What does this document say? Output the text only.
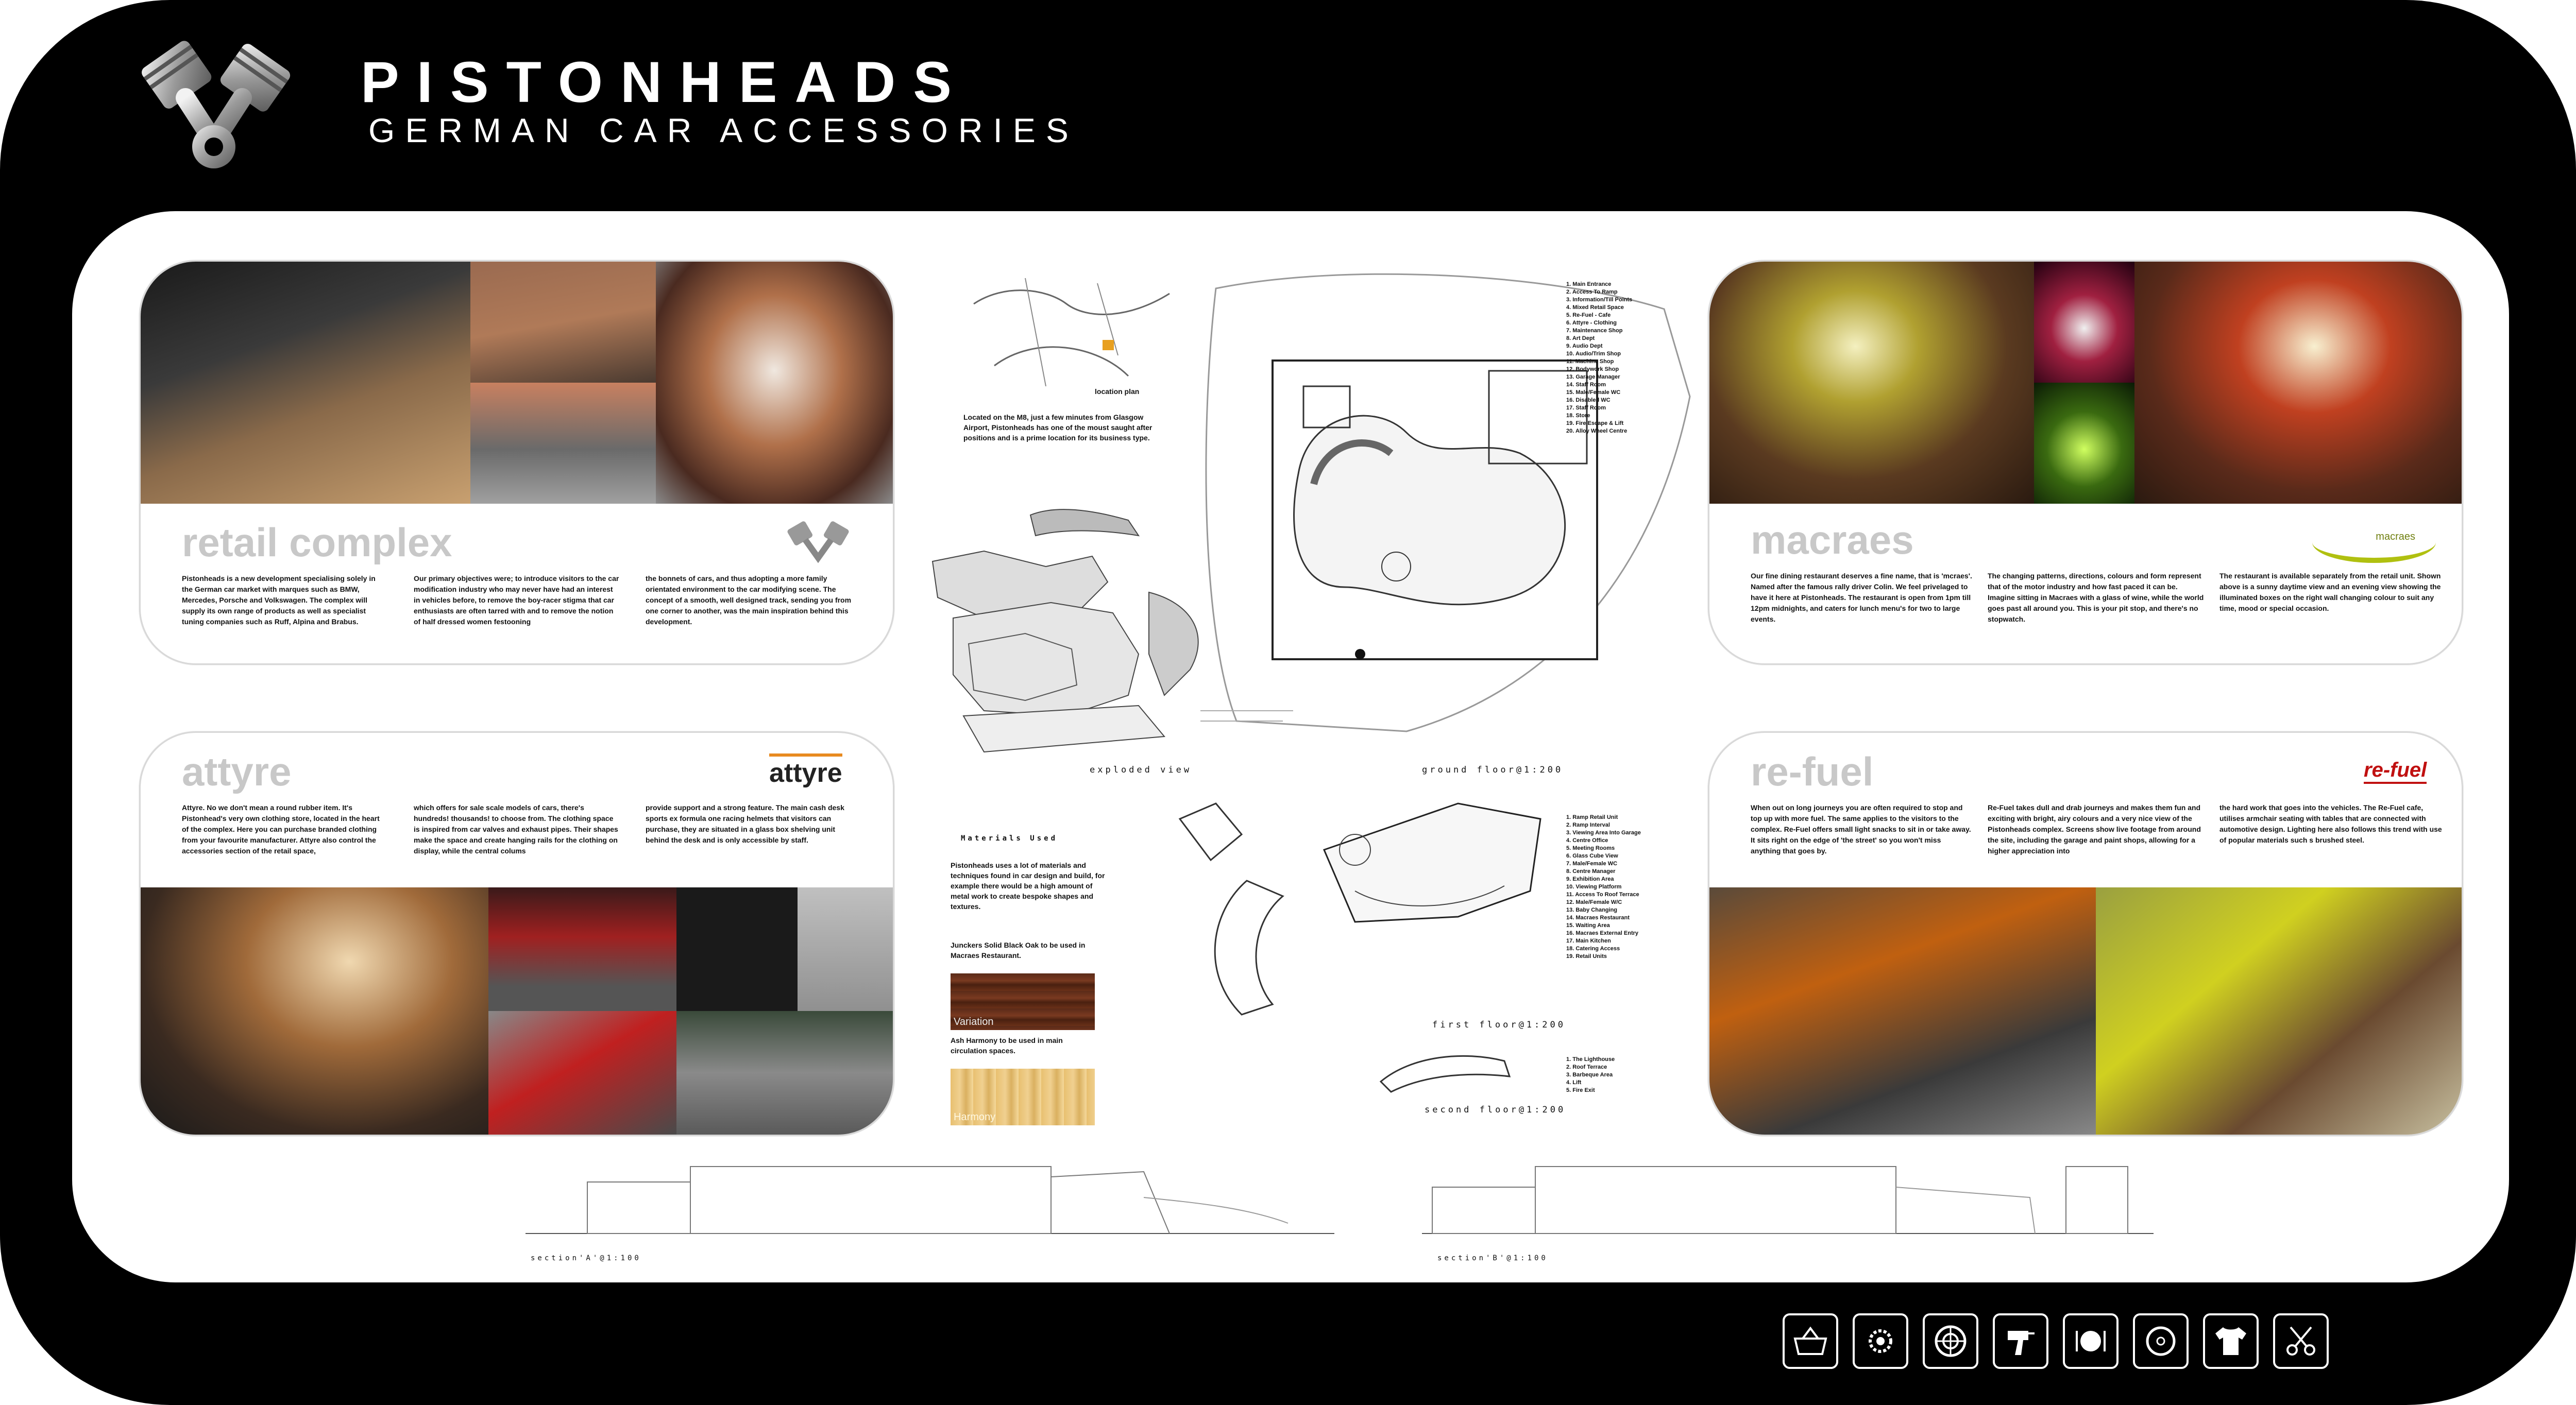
PISTONHEADS
GERMAN CAR ACCESSORIES
retail complex
Pistonheads is a new development specialising solely in the German car market with marques such as BMW, Mercedes, Porsche and Volkswagen. The complex will supply its own range of products as well as specialist tuning companies such as Ruff, Alpina and Brabus.
Our primary objectives were; to introduce visitors to the car modification industry who may never have had an interest in vehicles before, to remove the boy-racer stigma that car enthusiasts are often tarred with and to remove the notion of half dressed women festooning
the bonnets of cars, and thus adopting a more family orientated environment to the car modifying scene. The concept of a smooth, well designed track, sending you from one corner to another, was the main inspiration behind this development.
attyre	attyre
Attyre. No we don't mean a round rubber item. It's Pistonhead's very own clothing store, located in the heart of the complex. Here you can purchase branded clothing from your favourite manufacturer. Attyre also control the accessories section of the retail space,
which offers for sale scale models of cars, there's hundreds! thousands! to choose from. The clothing space is inspired from car valves and exhaust pipes. Their shapes make the space and create hanging rails for the clothing on display, while the central colums
provide support and a strong feature. The main cash desk sports ex formula one racing helmets that visitors can purchase, they are situated in a glass box shelving unit behind the desk and is only accessible by staff.
macraes	macraes
Our fine dining restaurant deserves a fine name, that is 'mcraes'. Named after the famous rally driver Colin. We feel privelaged to have it here at Pistonheads. The restaurant is open from 1pm till 12pm midnights, and caters for lunch menu's for two to large events.
The changing patterns, directions, colours and form represent that of the motor industry and how fast paced it can be. Imagine sitting in Macraes with a glass of wine, while the world goes past all around you. This is your pit stop, and there's no stopwatch.
The restaurant is available separately from the retail unit. Shown above is a sunny daytime view and an evening view showing the illuminated boxes on the right wall changing colour to suit any time, mood or special occasion.
re-fuel	re-fuel
When out on long journeys you are often required to stop and top up with more fuel. The same applies to the visitors to the complex. Re-Fuel offers small light snacks to sit in or take away. It sits right on the edge of 'the street' so you won't miss anything that goes by.
Re-Fuel takes dull and drab journeys and makes them fun and exciting with bright, airy colours and a very nice view of the Pistonheads complex. Screens show live footage from around the site, including the garage and paint shops, allowing for a higher appreciation into
the hard work that goes into the vehicles. The Re-Fuel cafe, utilises armchair seating with tables that are connected with automotive design. Lighting here also follows this trend with use of popular materials such s brushed steel.
location plan
Located on the M8, just a few minutes from Glasgow Airport, Pistonheads has one of the moust saught after positions and is a prime location for its business type.
exploded view	ground floor@1:200
1. Main Entrance
2. Access To Ramp
3. Information/Till Points
4. Mixed Retail Space
5. Re-Fuel - Cafe
6. Attyre - Clothing
7. Maintenance Shop
8. Art Dept
9. Audio Dept
10. Audio/Trim Shop
11. Machine Shop
12. Bodywork Shop
13. Garage Manager
14. Staff Room
15. Male/Female WC
16. Disabled WC
17. Staff Room
18. Store
19. Fire Escape & Lift
20. Alloy Wheel Centre
Materials Used
Pistonheads uses a lot of materials and techniques found in car design and build, for example there would be a high amount of metal work to create bespoke shapes and textures.
Junckers Solid Black Oak to be used in Macraes Restaurant.
Variation
Ash Harmony to be used in main circulation spaces.
Harmony
first floor@1:200
1. Ramp Retail Unit
2. Ramp Interval
3. Viewing Area Into Garage
4. Centre Office
5. Meeting Rooms
6. Glass Cube View
7. Male/Female WC
8. Centre Manager
9. Exhibition Area
10. Viewing Platform
11. Access To Roof Terrace
12. Male/Female W/C
13. Baby Changing
14. Macraes Restaurant
15. Waiting Area
16. Macraes External Entry
17. Main Kitchen
18. Catering Access
19. Retail Units
second floor@1:200
1. The Lighthouse
2. Roof Terrace
3. Barbeque Area
4. Lift
5. Fire Exit
section'A'@1:100	section'B'@1:100
